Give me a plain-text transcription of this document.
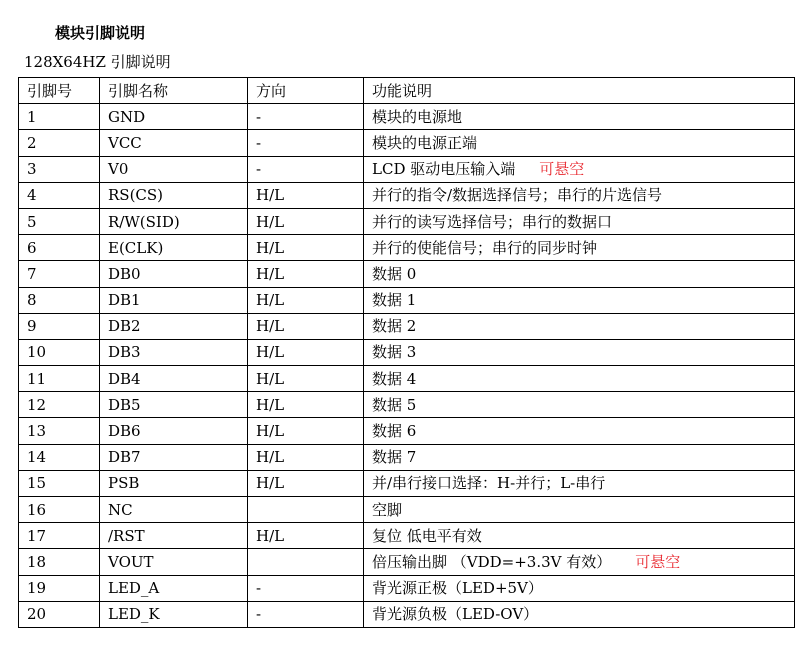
模块引脚说明
128X64HZ 引脚说明
引脚号	引脚名称	方向	功能说明
1	GND	-	模块的电源地
2	VCC	-	模块的电源正端
3	V0	-	LCD 驱动电压输入端 可悬空
4	RS(CS)	H/L	并行的指令/数据选择信号；串行的片选信号
5	R/W(SID)	H/L	并行的读写选择信号；串行的数据口
6	E(CLK)	H/L	并行的使能信号；串行的同步时钟
7	DB0	H/L	数据 0
8	DB1	H/L	数据 1
9	DB2	H/L	数据 2
10	DB3	H/L	数据 3
11	DB4	H/L	数据 4
12	DB5	H/L	数据 5
13	DB6	H/L	数据 6
14	DB7	H/L	数据 7
15	PSB	H/L	并/串行接口选择：H-并行；L-串行
16	NC		空脚
17	/RST	H/L	复位 低电平有效
18	VOUT		倍压输出脚 （VDD=+3.3V 有效） 可悬空
19	LED_A	-	背光源正极（LED+5V）
20	LED_K	-	背光源负极（LED-OV）
